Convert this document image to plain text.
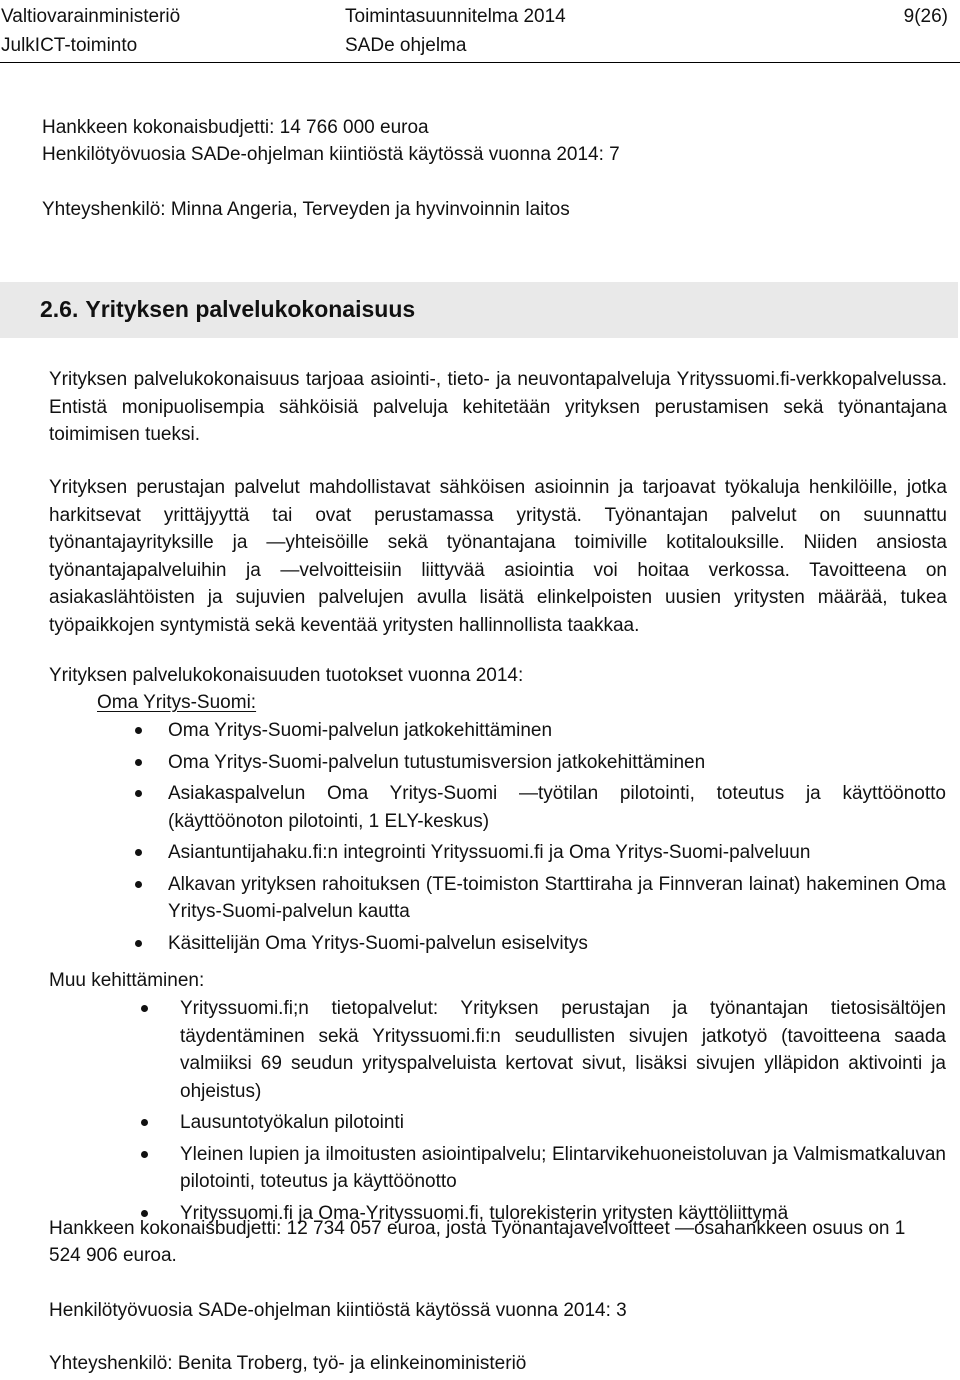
Valtiovarainministeriö	Toimintasuunnitelma 2014	9(26)
JulkICT-toiminto	SADe ohjelma
Hankkeen kokonaisbudjetti: 14 766 000 euroa
Henkilötyövuosia SADe-ohjelman kiintiöstä käytössä vuonna 2014: 7
Yhteyshenkilö: Minna Angeria, Terveyden ja hyvinvoinnin laitos
2.6. Yrityksen palvelukokonaisuus
Yrityksen palvelukokonaisuus tarjoaa asiointi-, tieto- ja neuvontapalveluja Yrityssuomi.fi-verkkopalvelussa. Entistä monipuolisempia sähköisiä palveluja kehitetään yrityksen perustamisen sekä työnantajana toimimisen tueksi.
Yrityksen perustajan palvelut mahdollistavat sähköisen asioinnin ja tarjoavat työkaluja henkilöille, jotka harkitsevat yrittäjyyttä tai ovat perustamassa yritystä. Työnantajan palvelut on suunnattu työnantajayrityksille ja —yhteisöille sekä työnantajana toimiville kotitalouksille. Niiden ansiosta työnantajapalveluihin ja —velvoitteisiin liittyvää asiointia voi hoitaa verkossa. Tavoitteena on asiakaslähtöisten ja sujuvien palvelujen avulla lisätä elinkelpoisten uusien yritysten määrää, tukea työpaikkojen syntymistä sekä keventää yritysten hallinnollista taakkaa.
Yrityksen palvelukokonaisuuden tuotokset vuonna 2014:
Oma Yritys-Suomi:
Oma Yritys-Suomi-palvelun jatkokehittäminen
Oma Yritys-Suomi-palvelun tutustumisversion jatkokehittäminen
Asiakaspalvelun Oma Yritys-Suomi —työtilan pilotointi, toteutus ja käyttöönotto (käyttöönoton pilotointi, 1 ELY-keskus)
Asiantuntijahaku.fi:n integrointi Yrityssuomi.fi ja Oma Yritys-Suomi-palveluun
Alkavan yrityksen rahoituksen (TE-toimiston Starttiraha ja Finnveran lainat) hakeminen Oma Yritys-Suomi-palvelun kautta
Käsittelijän Oma Yritys-Suomi-palvelun esiselvitys
Muu kehittäminen:
Yrityssuomi.fi;n tietopalvelut: Yrityksen perustajan ja työnantajan tietosisältöjen täydentäminen sekä Yrityssuomi.fi:n seudullisten sivujen jatkotyö (tavoitteena saada valmiiksi 69 seudun yrityspalveluista kertovat sivut, lisäksi sivujen ylläpidon aktivointi ja ohjeistus)
Lausuntotyökalun pilotointi
Yleinen lupien ja ilmoitusten asiointipalvelu; Elintarvikehuoneistoluvan ja Valmismatkaluvan pilotointi, toteutus ja käyttöönotto
Yrityssuomi.fi ja Oma-Yrityssuomi.fi, tulorekisterin yritysten käyttöliittymä
Hankkeen kokonaisbudjetti: 12 734 057 euroa, josta Työnantajavelvoitteet —osahankkeen osuus on 1 524 906 euroa.
Henkilötyövuosia SADe-ohjelman kiintiöstä käytössä vuonna 2014: 3
Yhteyshenkilö: Benita Troberg, työ- ja elinkeinoministeriö
